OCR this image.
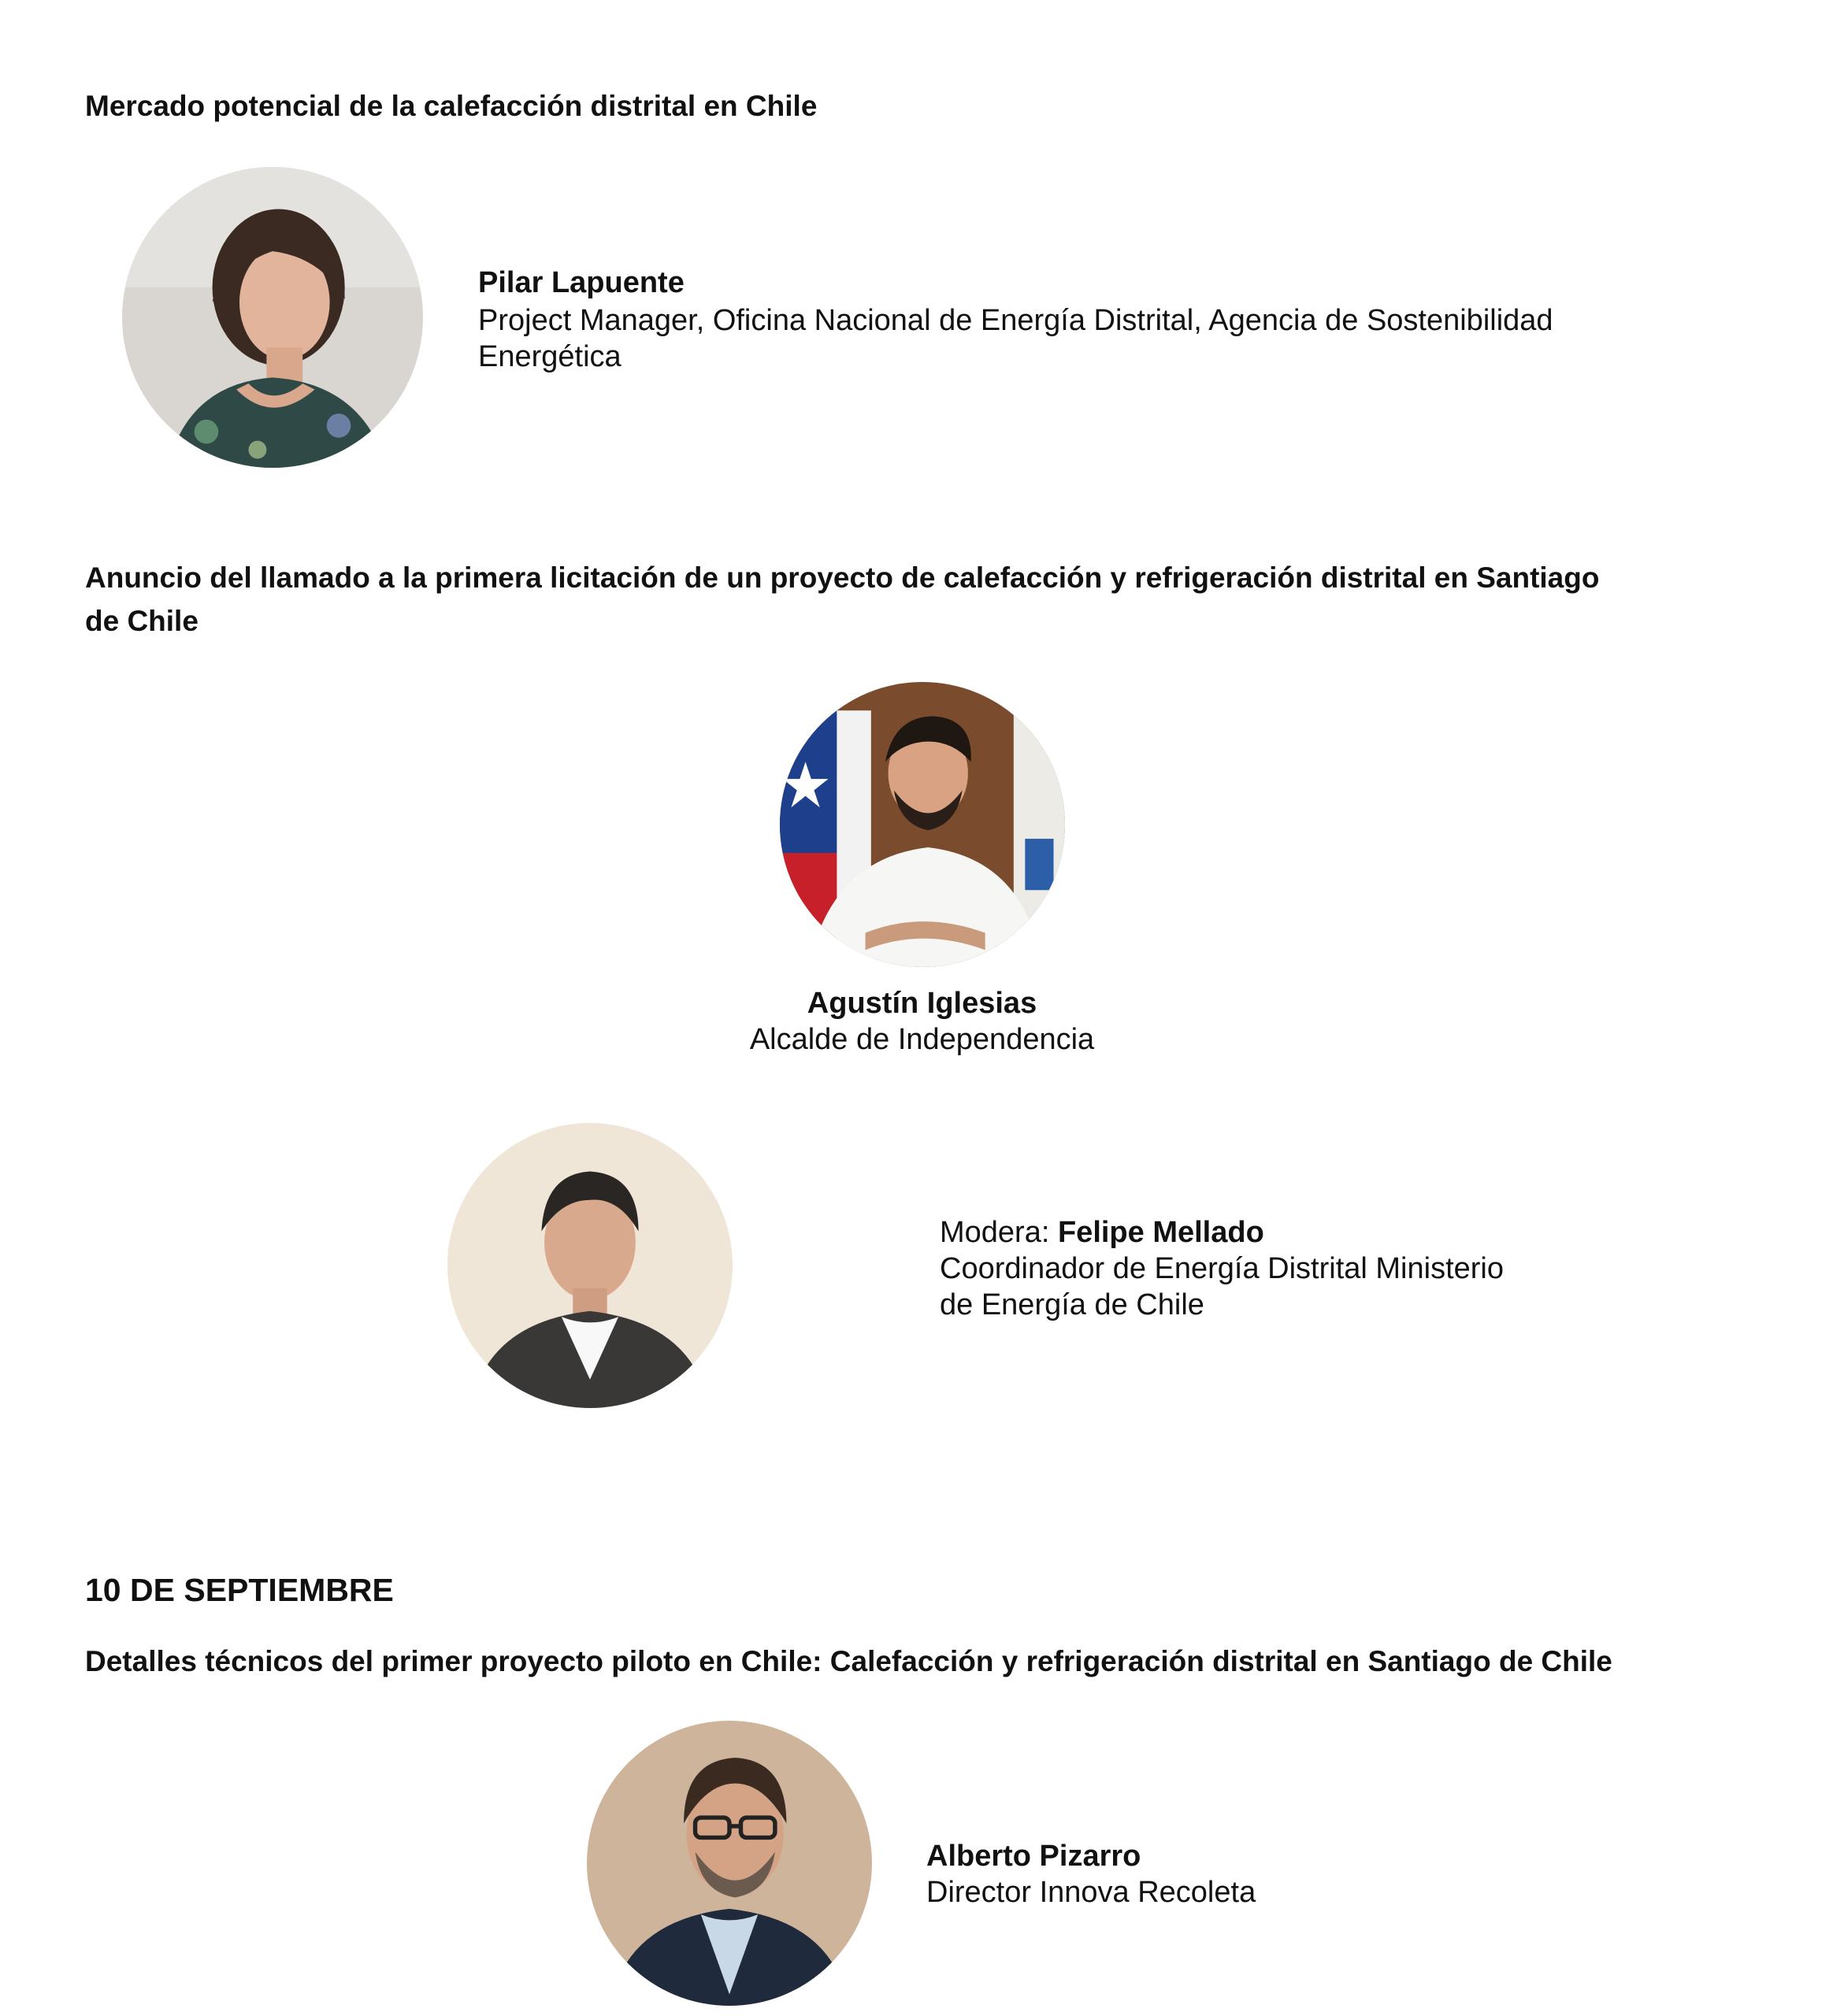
Mercado potencial de la calefacción distrital en Chile
Pilar Lapuente
Project Manager, Oficina Nacional de Energía Distrital, Agencia de Sostenibilidad
Energética
Anuncio del llamado a la primera licitación de un proyecto de calefacción y refrigeración distrital en Santiago
de Chile
Agustín Iglesias
Alcalde de Independencia
Modera: Felipe Mellado
Coordinador de Energía Distrital Ministerio
de Energía de Chile
10 DE SEPTIEMBRE
Detalles técnicos del primer proyecto piloto en Chile: Calefacción y refrigeración distrital en Santiago de Chile
Alberto Pizarro
Director Innova Recoleta
